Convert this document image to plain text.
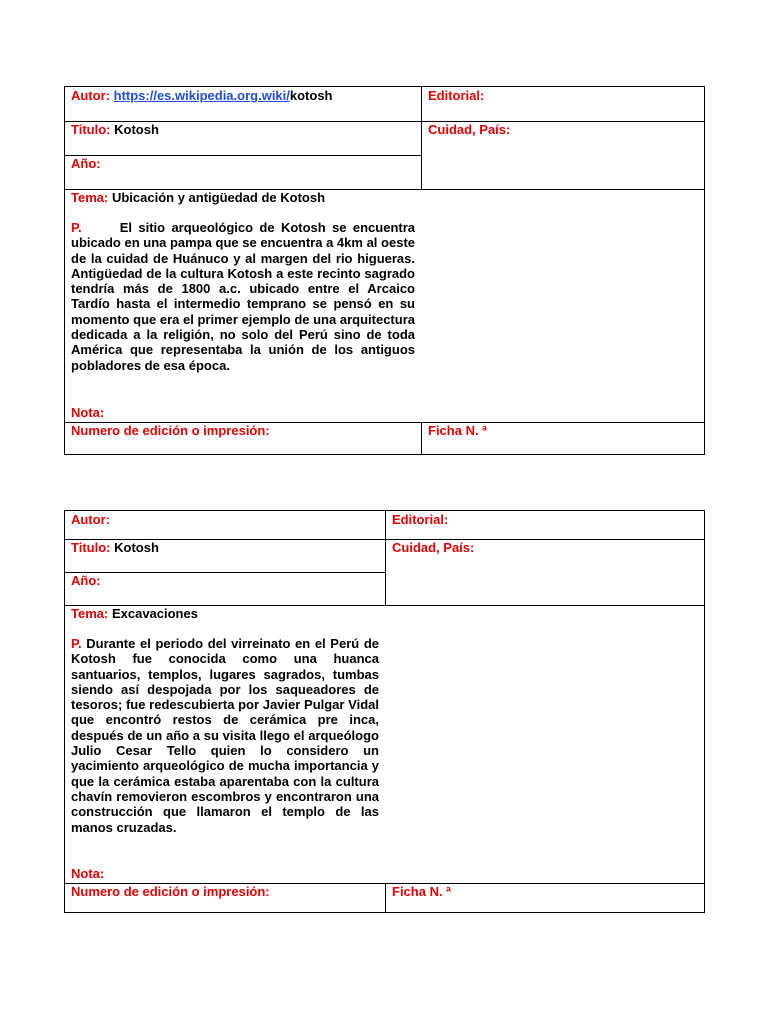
Autor: https://es.wikipedia.org.wiki/kotosh	Editorial:
Titulo: Kotosh	Cuidad, País:
Año:
Tema: Ubicación y antigüedad de Kotosh
P.	El sitio arqueológico de Kotosh se encuentra ubicado en una pampa que se encuentra a 4km al oeste de la cuidad de Huánuco y al margen del rio higueras. Antigüedad de la cultura Kotosh a este recinto sagrado tendría más de 1800 a.c. ubicado entre el Arcaico Tardío hasta el intermedio temprano se pensó en su momento que era el primer ejemplo de una arquitectura dedicada a la religión, no solo del Perú sino de toda América que representaba la unión de los antiguos pobladores de esa época.
Nota:
Numero de edición o impresión:	Ficha N. ª
Autor:	Editorial:
Titulo: Kotosh	Cuidad, País:
Año:
Tema: Excavaciones
P. Durante el periodo del virreinato en el Perú de Kotosh fue conocida como una huanca santuarios, templos, lugares sagrados, tumbas siendo así despojada por los saqueadores de tesoros; fue redescubierta por Javier Pulgar Vidal que encontró restos de cerámica pre inca, después de un año a su visita llego el arqueólogo Julio Cesar Tello quien lo considero un yacimiento arqueológico de mucha importancia y que la cerámica estaba aparentaba con la cultura chavín removieron escombros y encontraron una construcción que llamaron el templo de las manos cruzadas.
Nota:
Numero de edición o impresión:	Ficha N. ª
